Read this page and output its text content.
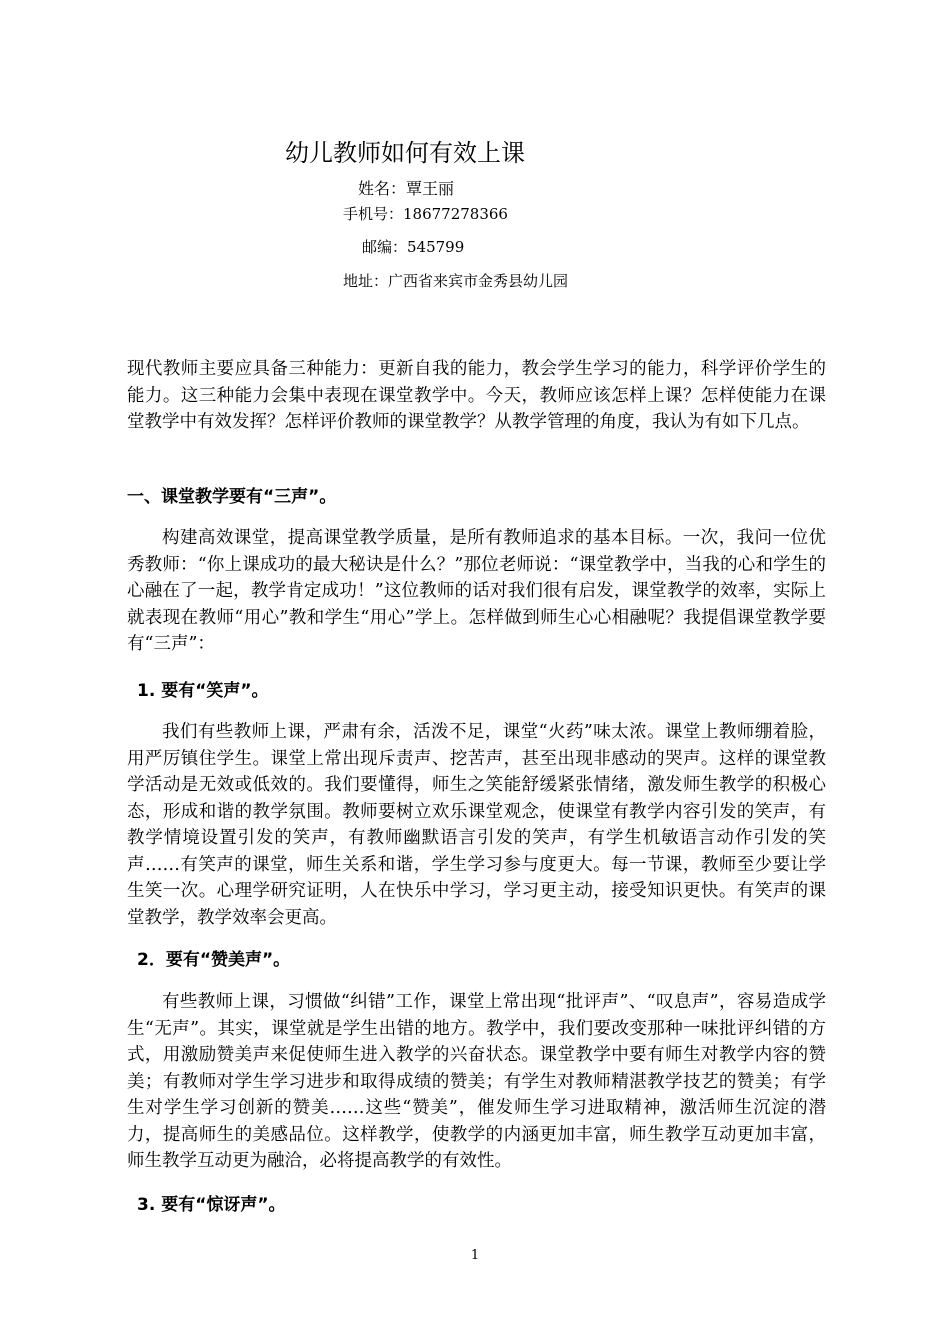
幼儿教师如何有效上课
姓名：覃王丽
手机号：18677278366
邮编：545799
地址：广西省来宾市金秀县幼儿园

现代教师主要应具备三种能力：更新自我的能力，教会学生学习的能力，科学评价学生的能力。这三种能力会集中表现在课堂教学中。今天，教师应该怎样上课？怎样使能力在课堂教学中有效发挥？怎样评价教师的课堂教学？从教学管理的角度，我认为有如下几点。

一、课堂教学要有“三声”。

构建高效课堂，提高课堂教学质量，是所有教师追求的基本目标。一次，我问一位优秀教师：“你上课成功的最大秘诀是什么？”那位老师说：“课堂教学中，当我的心和学生的心融在了一起，教学肯定成功！”这位教师的话对我们很有启发，课堂教学的效率，实际上就表现在教师“用心”教和学生“用心”学上。怎样做到师生心心相融呢？我提倡课堂教学要有“三声”：

1. 要有“笑声”。

我们有些教师上课，严肃有余，活泼不足，课堂“火药”味太浓。课堂上教师绷着脸，用严厉镇住学生。课堂上常出现斥责声、挖苦声，甚至出现非感动的哭声。这样的课堂教学活动是无效或低效的。我们要懂得，师生之笑能舒缓紧张情绪，激发师生教学的积极心态，形成和谐的教学氛围。教师要树立欢乐课堂观念，使课堂有教学内容引发的笑声，有教学情境设置引发的笑声，有教师幽默语言引发的笑声，有学生机敏语言动作引发的笑声……有笑声的课堂，师生关系和谐，学生学习参与度更大。每一节课，教师至少要让学生笑一次。心理学研究证明，人在快乐中学习，学习更主动，接受知识更快。有笑声的课堂教学，教学效率会更高。

2．要有“赞美声”。

有些教师上课，习惯做“纠错”工作，课堂上常出现“批评声”、“叹息声”，容易造成学生“无声”。其实，课堂就是学生出错的地方。教学中，我们要改变那种一味批评纠错的方式，用激励赞美声来促使师生进入教学的兴奋状态。课堂教学中要有师生对教学内容的赞美；有教师对学生学习进步和取得成绩的赞美；有学生对教师精湛教学技艺的赞美；有学生对学生学习创新的赞美……这些“赞美”，催发师生学习进取精神，激活师生沉淀的潜力，提高师生的美感品位。这样教学，使教学的内涵更加丰富，师生教学互动更加丰富，师生教学互动更为融洽，必将提高教学的有效性。

3. 要有“惊讶声”。

1
